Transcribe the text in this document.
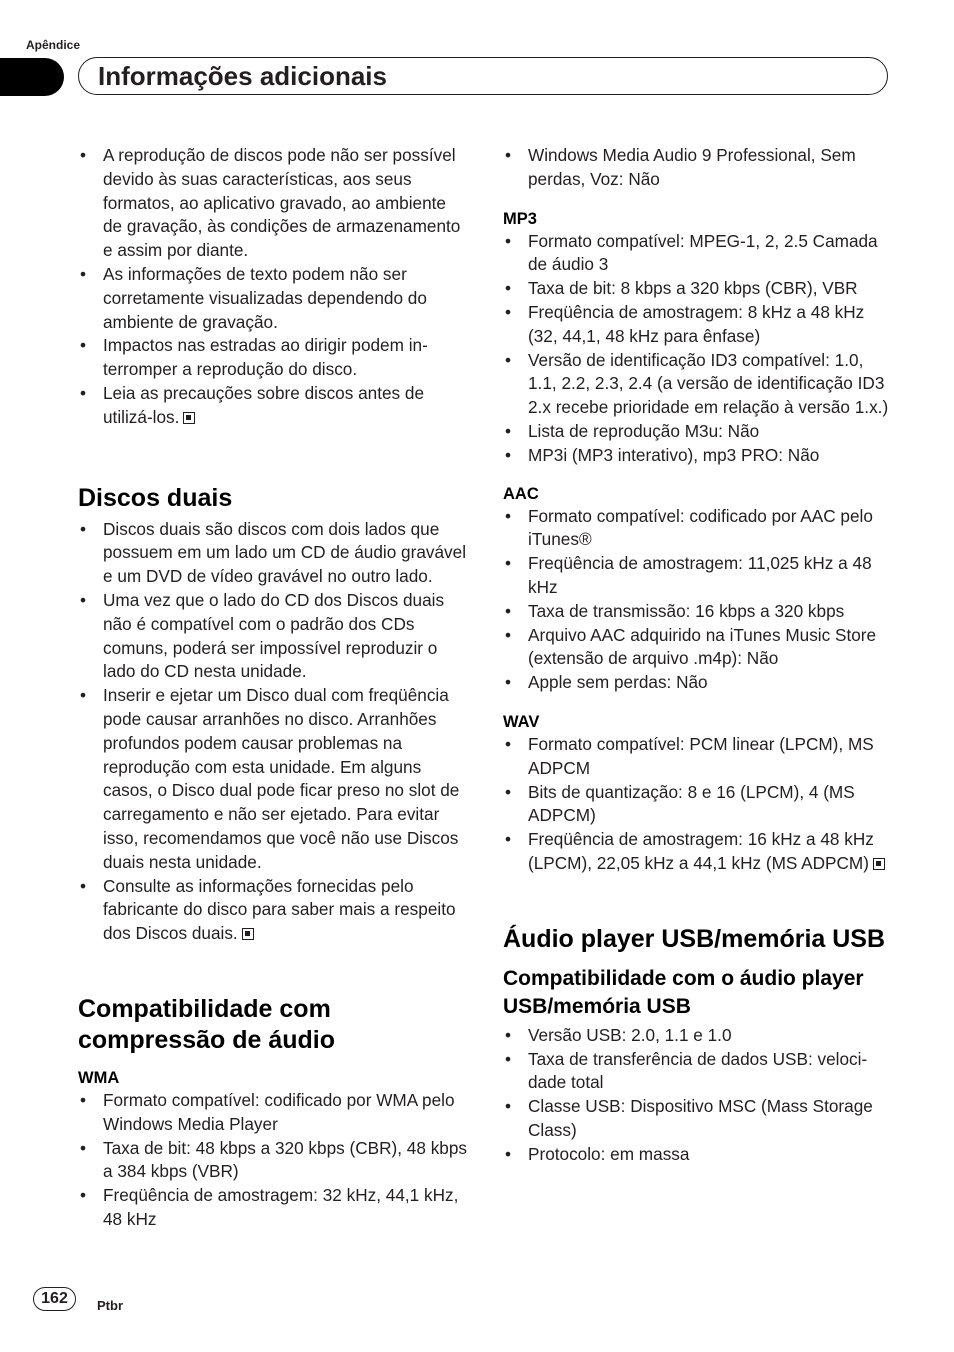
Apêndice
Informações adicionais
• A reprodução de discos pode não ser possível devido às suas características, aos seus formatos, ao aplicativo gravado, ao ambiente de gravação, às condições de armazenamento e assim por diante.
• As informações de texto podem não ser corretamente visualizadas dependendo do ambiente de gravação.
• Impactos nas estradas ao dirigir podem interromper a reprodução do disco.
• Leia as precauções sobre discos antes de utilizá-los.
Discos duais
• Discos duais são discos com dois lados que possuem em um lado um CD de áudio gravável e um DVD de vídeo gravável no outro lado.
• Uma vez que o lado do CD dos Discos duais não é compatível com o padrão dos CDs comuns, poderá ser impossível reproduzir o lado do CD nesta unidade.
• Inserir e ejetar um Disco dual com freqüência pode causar arranhões no disco. Arranhões profundos podem causar problemas na reprodução com esta unidade. Em alguns casos, o Disco dual pode ficar preso no slot de carregamento e não ser ejetado. Para evitar isso, recomendamos que você não use Discos duais nesta unidade.
• Consulte as informações fornecidas pelo fabricante do disco para saber mais a respeito dos Discos duais.
Compatibilidade com compressão de áudio
WMA
• Formato compatível: codificado por WMA pelo Windows Media Player
• Taxa de bit: 48 kbps a 320 kbps (CBR), 48 kbps a 384 kbps (VBR)
• Freqüência de amostragem: 32 kHz, 44,1 kHz, 48 kHz
• Windows Media Audio 9 Professional, Sem perdas, Voz: Não
MP3
• Formato compatível: MPEG-1, 2, 2.5 Camada de áudio 3
• Taxa de bit: 8 kbps a 320 kbps (CBR), VBR
• Freqüência de amostragem: 8 kHz a 48 kHz (32, 44,1, 48 kHz para ênfase)
• Versão de identificação ID3 compatível: 1.0, 1.1, 2.2, 2.3, 2.4 (a versão de identificação ID3 2.x recebe prioridade em relação à versão 1.x.)
• Lista de reprodução M3u: Não
• MP3i (MP3 interativo), mp3 PRO: Não
AAC
• Formato compatível: codificado por AAC pelo iTunes®
• Freqüência de amostragem: 11,025 kHz a 48 kHz
• Taxa de transmissão: 16 kbps a 320 kbps
• Arquivo AAC adquirido na iTunes Music Store (extensão de arquivo .m4p): Não
• Apple sem perdas: Não
WAV
• Formato compatível: PCM linear (LPCM), MS ADPCM
• Bits de quantização: 8 e 16 (LPCM), 4 (MS ADPCM)
• Freqüência de amostragem: 16 kHz a 48 kHz (LPCM), 22,05 kHz a 44,1 kHz (MS ADPCM)
Áudio player USB/memória USB
Compatibilidade com o áudio player USB/memória USB
• Versão USB: 2.0, 1.1 e 1.0
• Taxa de transferência de dados USB: velocidade total
• Classe USB: Dispositivo MSC (Mass Storage Class)
• Protocolo: em massa
162	Ptbr
